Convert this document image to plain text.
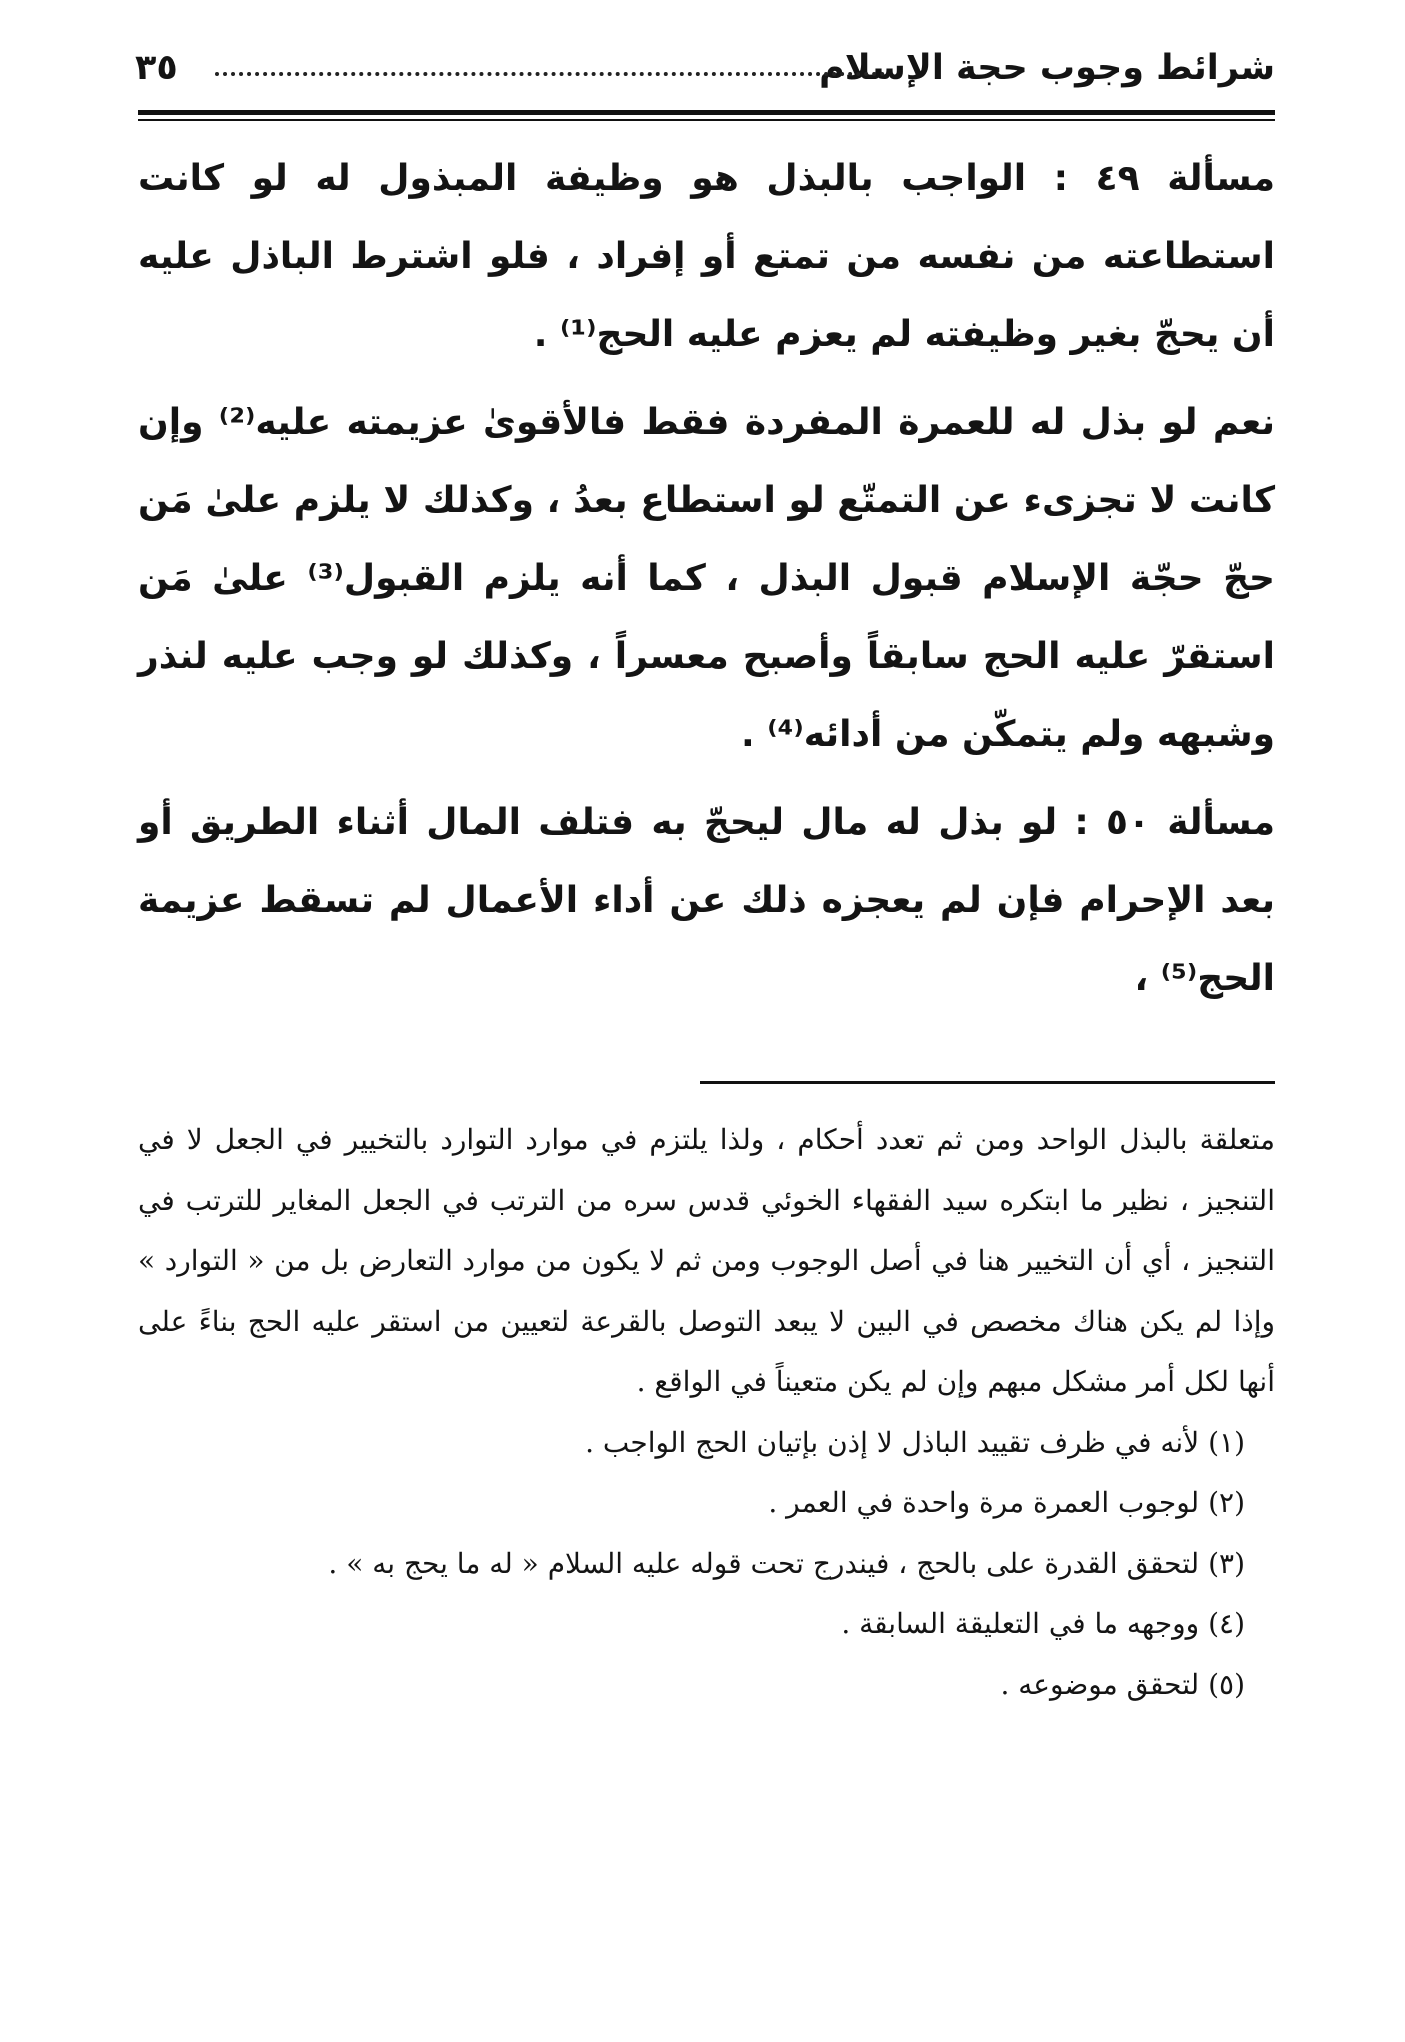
شرائط وجوب حجة الإسلام
٣٥

مسألة ٤٩ : الواجب بالبذل هو وظيفة المبذول له لو كانت استطاعته من نفسه من تمتع أو إفراد ، فلو اشترط الباذل عليه أن يحجّ بغير وظيفته لم يعزم عليه الحج⁽¹⁾ .

نعم لو بذل له للعمرة المفردة فقط فالأقوىٰ عزيمته عليه⁽²⁾ وإن كانت لا تجزىء عن التمتّع لو استطاع بعدُ ، وكذلك لا يلزم علىٰ مَن حجّ حجّة الإسلام قبول البذل ، كما أنه يلزم القبول⁽³⁾ علىٰ مَن استقرّ عليه الحج سابقاً وأصبح معسراً ، وكذلك لو وجب عليه لنذر وشبهه ولم يتمكّن من أدائه⁽⁴⁾ .

مسألة ٥٠ : لو بذل له مال ليحجّ به فتلف المال أثناء الطريق أو بعد الإحرام فإن لم يعجزه ذلك عن أداء الأعمال لم تسقط عزيمة الحج⁽⁵⁾ ،

متعلقة بالبذل الواحد ومن ثم تعدد أحكام ، ولذا يلتزم في موارد التوارد بالتخيير في الجعل لا في التنجيز ، نظير ما ابتكره سيد الفقهاء الخوئي قدس سره من الترتب في الجعل المغاير للترتب في التنجيز ، أي أن التخيير هنا في أصل الوجوب ومن ثم لا يكون من موارد التعارض بل من « التوارد » وإذا لم يكن هناك مخصص في البين لا يبعد التوصل بالقرعة لتعيين من استقر عليه الحج بناءً على أنها لكل أمر مشكل مبهم وإن لم يكن متعيناً في الواقع .

(١) لأنه في ظرف تقييد الباذل لا إذن بإتيان الحج الواجب .

(٢) لوجوب العمرة مرة واحدة في العمر .

(٣) لتحقق القدرة على بالحج ، فيندرج تحت قوله عليه السلام « له ما يحج به » .

(٤) ووجهه ما في التعليقة السابقة .

(٥) لتحقق موضوعه .
